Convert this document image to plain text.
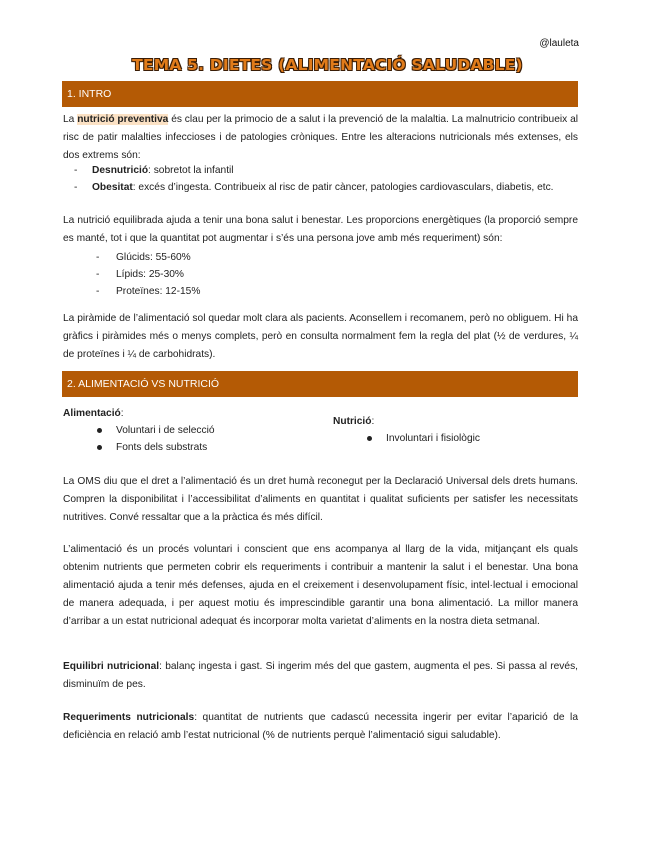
@lauleta
TEMA 5. DIETES (ALIMENTACIÓ SALUDABLE)
1. INTRO
La nutrició preventiva és clau per la primocio de a salut i la prevenció de la malaltia. La malnutricio contribueix al risc de patir malalties infeccioses i de patologies cròniques. Entre les alteracions nutricionals més extenses, els dos extrems són:
- Desnutrició: sobretot la infantil
- Obesitat: excés d’ingesta. Contribueix al risc de patir càncer, patologies cardiovasculars, diabetis, etc.
La nutrició equilibrada ajuda a tenir una bona salut i benestar. Les proporcions energètiques (la proporció sempre es manté, tot i que la quantitat pot augmentar i s’és una persona jove amb més requeriment) són:
- Glúcids: 55-60%
- Lípids: 25-30%
- Proteïnes: 12-15%
La piràmide de l’alimentació sol quedar molt clara als pacients. Aconsellem i recomanem, però no obliguem. Hi ha gràfics i piràmides més o menys complets, però en consulta normalment fem la regla del plat (½ de verdures, ¼ de proteïnes i ¼ de carbohidrats).
2. ALIMENTACIÓ VS NUTRICIÓ
Alimentació:
Voluntari i de selecció
Fonts dels substrats
Nutrició:
Involuntari i fisiològic
La OMS diu que el dret a l’alimentació és un dret humà reconegut per la Declaració Universal dels drets humans. Compren la disponibilitat i l’accessibilitat d’aliments en quantitat i qualitat suficients per satisfer les necessitats nutritives. Convé ressaltar que a la pràctica és més difícil.
L’alimentació és un procés voluntari i conscient que ens acompanya al llarg de la vida, mitjançant els quals obtenim nutrients que permeten cobrir els requeriments i contribuir a mantenir la salut i el benestar. Una bona alimentació ajuda a tenir més defenses, ajuda en el creixement i desenvolupament físic, intel·lectual i emocional de manera adequada, i per aquest motiu és imprescindible garantir una bona alimentació. La millor manera d’arribar a un estat nutricional adequat és incorporar molta varietat d’aliments en la nostra dieta setmanal.
Equilibri nutricional: balanç ingesta i gast. Si ingerim més del que gastem, augmenta el pes. Si passa al revés, disminuïm de pes.
Requeriments nutricionals: quantitat de nutrients que cadascú necessita ingerir per evitar l’aparició de la deficiència en relació amb l’estat nutricional (% de nutrients perquè l’alimentació sigui saludable).
